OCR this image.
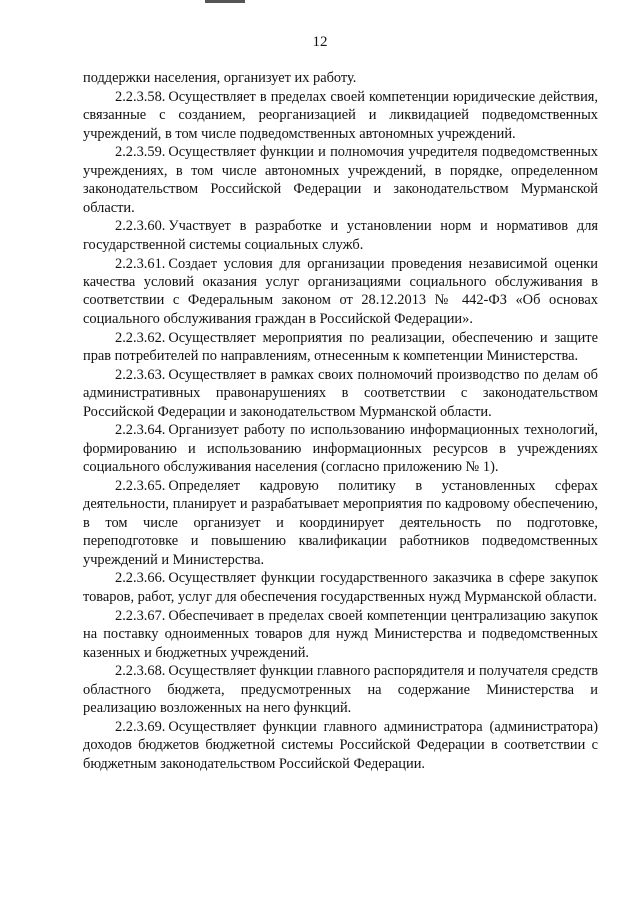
12

поддержки населения, организует их работу.

2.2.3.58. Осуществляет в пределах своей компетенции юридические действия, связанные с созданием, реорганизацией и ликвидацией подведомственных учреждений, в том числе подведомственных автономных учреждений.

2.2.3.59. Осуществляет функции и полномочия учредителя подведомственных учреждениях, в том числе автономных учреждений, в порядке, определенном законодательством Российской Федерации и законодательством Мурманской области.

2.2.3.60. Участвует в разработке и установлении норм и нормативов для государственной системы социальных служб.

2.2.3.61. Создает условия для организации проведения независимой оценки качества условий оказания услуг организациями социального обслуживания в соответствии с Федеральным законом от 28.12.2013 № 442-ФЗ «Об основах социального обслуживания граждан в Российской Федерации».

2.2.3.62. Осуществляет мероприятия по реализации, обеспечению и защите прав потребителей по направлениям, отнесенным к компетенции Министерства.

2.2.3.63. Осуществляет в рамках своих полномочий производство по делам об административных правонарушениях в соответствии с законодательством Российской Федерации и законодательством Мурманской области.

2.2.3.64. Организует работу по использованию информационных технологий, формированию и использованию информационных ресурсов в учреждениях социального обслуживания населения (согласно приложению № 1).

2.2.3.65. Определяет кадровую политику в установленных сферах деятельности, планирует и разрабатывает мероприятия по кадровому обеспечению, в том числе организует и координирует деятельность по подготовке, переподготовке и повышению квалификации работников подведомственных учреждений и Министерства.

2.2.3.66. Осуществляет функции государственного заказчика в сфере закупок товаров, работ, услуг для обеспечения государственных нужд Мурманской области.

2.2.3.67. Обеспечивает в пределах своей компетенции централизацию закупок на поставку одноименных товаров для нужд Министерства и подведомственных казенных и бюджетных учреждений.

2.2.3.68. Осуществляет функции главного распорядителя и получателя средств областного бюджета, предусмотренных на содержание Министерства и реализацию возложенных на него функций.

2.2.3.69. Осуществляет функции главного администратора (администратора) доходов бюджетов бюджетной системы Российской Федерации в соответствии с бюджетным законодательством Российской Федерации.
